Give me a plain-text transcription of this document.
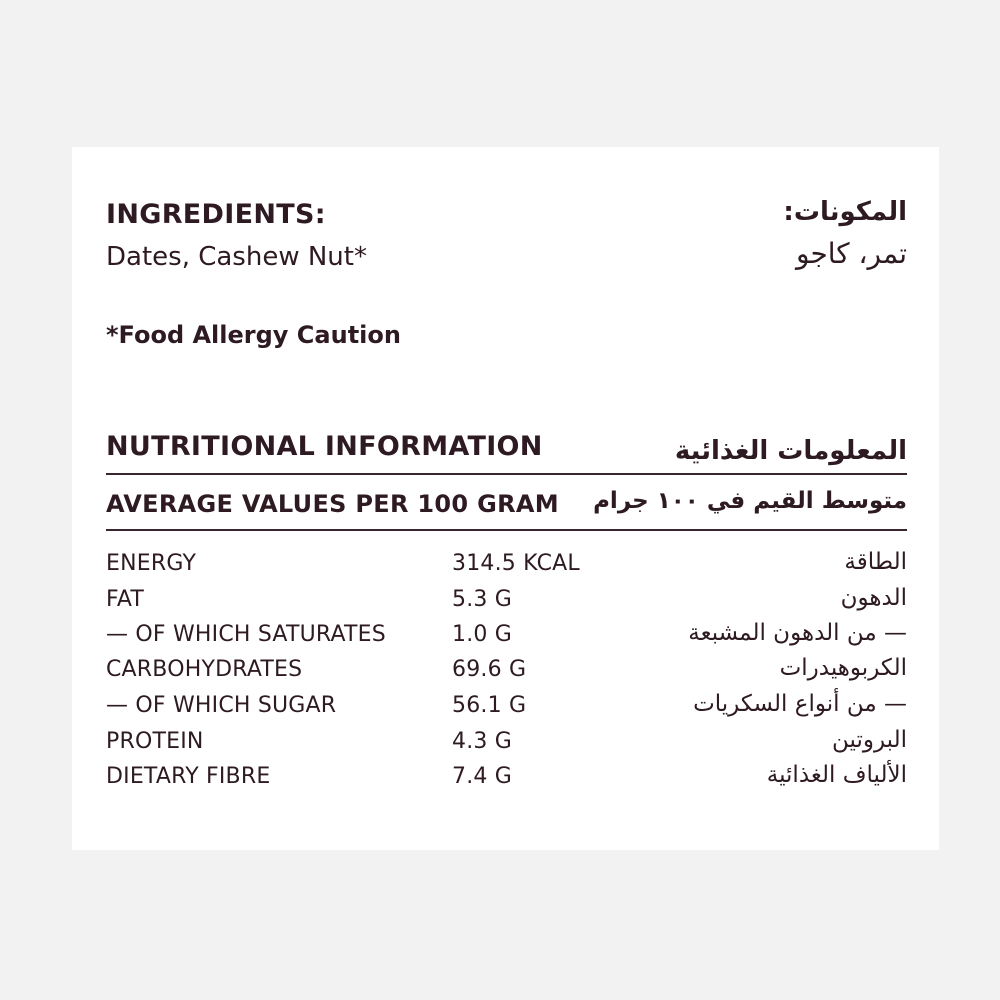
INGREDIENTS:
Dates, Cashew Nut*
المكونات:
تمر، كاجو
*Food Allergy Caution
NUTRITIONAL INFORMATION	المعلومات الغذائية
AVERAGE VALUES PER 100 GRAM متوسط القيم في ١٠٠ جرام
ENERGY	314.5 KCAL	الطاقة
FAT	5.3 G	الدهون
— OF WHICH SATURATES	1.0 G	— من الدهون المشبعة
CARBOHYDRATES	69.6 G	الكربوهيدرات
— OF WHICH SUGAR	56.1 G	— من أنواع السكريات
PROTEIN	4.3 G	البروتين
DIETARY FIBRE	7.4 G	الألياف الغذائية
